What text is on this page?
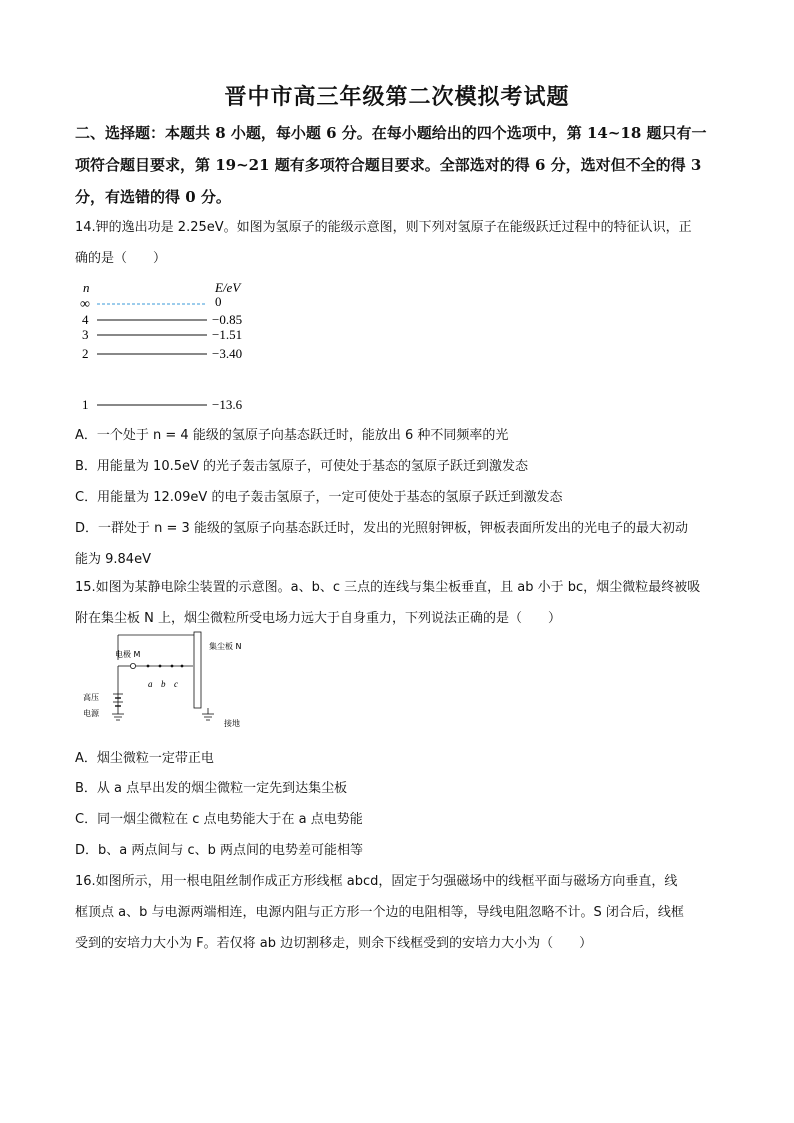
晋中市高三年级第二次模拟考试题
二、选择题：本题共 8 小题，每小题 6 分。在每小题给出的四个选项中，第 14~18 题只有一
项符合题目要求，第 19~21 题有多项符合题目要求。全部选对的得 6 分，选对但不全的得 3
分，有选错的得 0 分。
14.钾的逸出功是 2.25eV。如图为氢原子的能级示意图，则下列对氢原子在能级跃迁过程中的特征认识，正
确的是（　　）
n	E/eV
∞	0
4	−0.85
3	−1.51
2	−3.40
1	−13.6
A．一个处于 n = 4 能级的氢原子向基态跃迁时，能放出 6 种不同频率的光
B．用能量为 10.5eV 的光子轰击氢原子，可使处于基态的氢原子跃迁到激发态
C．用能量为 12.09eV 的电子轰击氢原子，一定可使处于基态的氢原子跃迁到激发态
D．一群处于 n = 3 能级的氢原子向基态跃迁时，发出的光照射钾板，钾板表面所发出的光电子的最大初动
能为 9.84eV
15.如图为某静电除尘装置的示意图。a、b、c 三点的连线与集尘板垂直，且 ab 小于 bc，烟尘微粒最终被吸
附在集尘板 N 上，烟尘微粒所受电场力远大于自身重力，下列说法正确的是（　　）
电极 M
a b c
集尘板 N
接地
高压
电源
A．烟尘微粒一定带正电
B．从 a 点早出发的烟尘微粒一定先到达集尘板
C．同一烟尘微粒在 c 点电势能大于在 a 点电势能
D．b、a 两点间与 c、b 两点间的电势差可能相等
16.如图所示，用一根电阻丝制作成正方形线框 abcd，固定于匀强磁场中的线框平面与磁场方向垂直，线
框顶点 a、b 与电源两端相连，电源内阻与正方形一个边的电阻相等，导线电阻忽略不计。S 闭合后，线框
受到的安培力大小为 F。若仅将 ab 边切割移走，则余下线框受到的安培力大小为（　　）
